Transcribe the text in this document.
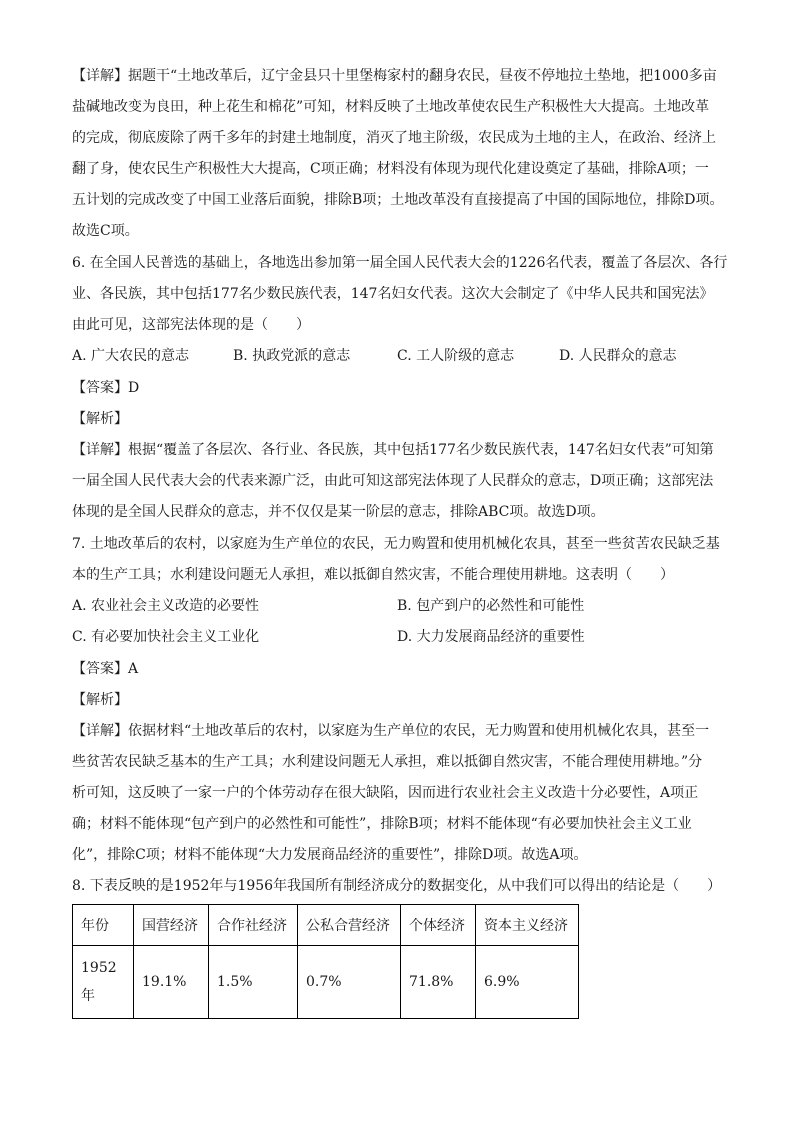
【详解】据题干“土地改革后，辽宁金县只十里堡梅家村的翻身农民，昼夜不停地拉土垫地，把1000多亩
盐碱地改变为良田，种上花生和棉花”可知，材料反映了土地改革使农民生产积极性大大提高。土地改革
的完成，彻底废除了两千多年的封建土地制度，消灭了地主阶级，农民成为土地的主人，在政治、经济上
翻了身，使农民生产积极性大大提高，C项正确；材料没有体现为现代化建设奠定了基础，排除A项；一
五计划的完成改变了中国工业落后面貌，排除B项；土地改革没有直接提高了中国的国际地位，排除D项。
故选C项。
6. 在全国人民普选的基础上，各地选出参加第一届全国人民代表大会的1226名代表，覆盖了各层次、各行
业、各民族，其中包括177名少数民族代表，147名妇女代表。这次大会制定了《中华人民共和国宪法》
由此可见，这部宪法体现的是（　　）
A. 广大农民的意志	B. 执政党派的意志	C. 工人阶级的意志	D. 人民群众的意志
【答案】D
【解析】
【详解】根据“覆盖了各层次、各行业、各民族，其中包括177名少数民族代表，147名妇女代表”可知第
一届全国人民代表大会的代表来源广泛，由此可知这部宪法体现了人民群众的意志，D项正确；这部宪法
体现的是全国人民群众的意志，并不仅仅是某一阶层的意志，排除ABC项。故选D项。
7. 土地改革后的农村，以家庭为生产单位的农民，无力购置和使用机械化农具，甚至一些贫苦农民缺乏基
本的生产工具；水利建设问题无人承担，难以抵御自然灾害，不能合理使用耕地。这表明（　　）
A. 农业社会主义改造的必要性	B. 包产到户的必然性和可能性
C. 有必要加快社会主义工业化	D. 大力发展商品经济的重要性
【答案】A
【解析】
【详解】依据材料“土地改革后的农村，以家庭为生产单位的农民，无力购置和使用机械化农具，甚至一
些贫苦农民缺乏基本的生产工具；水利建设问题无人承担，难以抵御自然灾害，不能合理使用耕地。”分
析可知，这反映了一家一户的个体劳动存在很大缺陷，因而进行农业社会主义改造十分必要性，A项正
确；材料不能体现“包产到户的必然性和可能性”，排除B项；材料不能体现“有必要加快社会主义工业
化”，排除C项；材料不能体现“大力发展商品经济的重要性”，排除D项。故选A项。
8. 下表反映的是1952年与1956年我国所有制经济成分的数据变化，从中我们可以得出的结论是（　　）
年份	国营经济	合作社经济	公私合营经济	个体经济	资本主义经济

1952
年	19.1%	1.5%	0.7%	71.8%	6.9%
